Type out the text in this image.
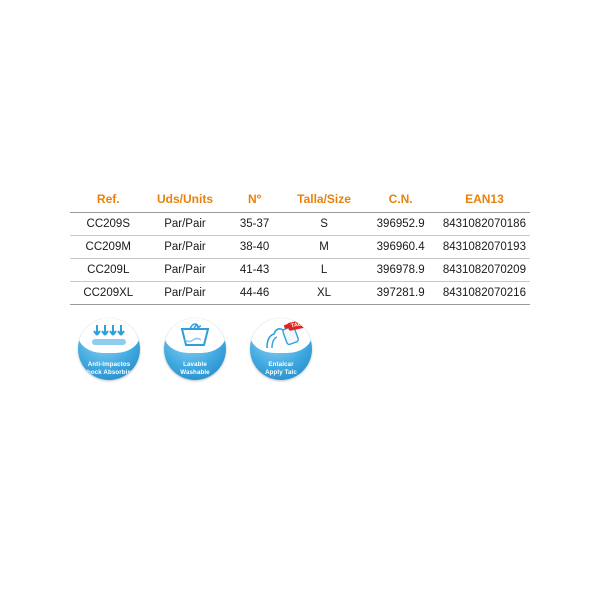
Ref.	Uds/Units	Nº	Talla/Size	C.N.	EAN13
CC209S	Par/Pair	35-37	S	396952.9	8431082070186
CC209M	Par/Pair	38-40	M	396960.4	8431082070193
CC209L	Par/Pair	41-43	L	396978.9	8431082070209
CC209XL	Par/Pair	44-46	XL	397281.9	8431082070216
Anti-Impactos
Shock Absorbing
Lavable
Washable
TALC
Entalcar
Apply Talc
